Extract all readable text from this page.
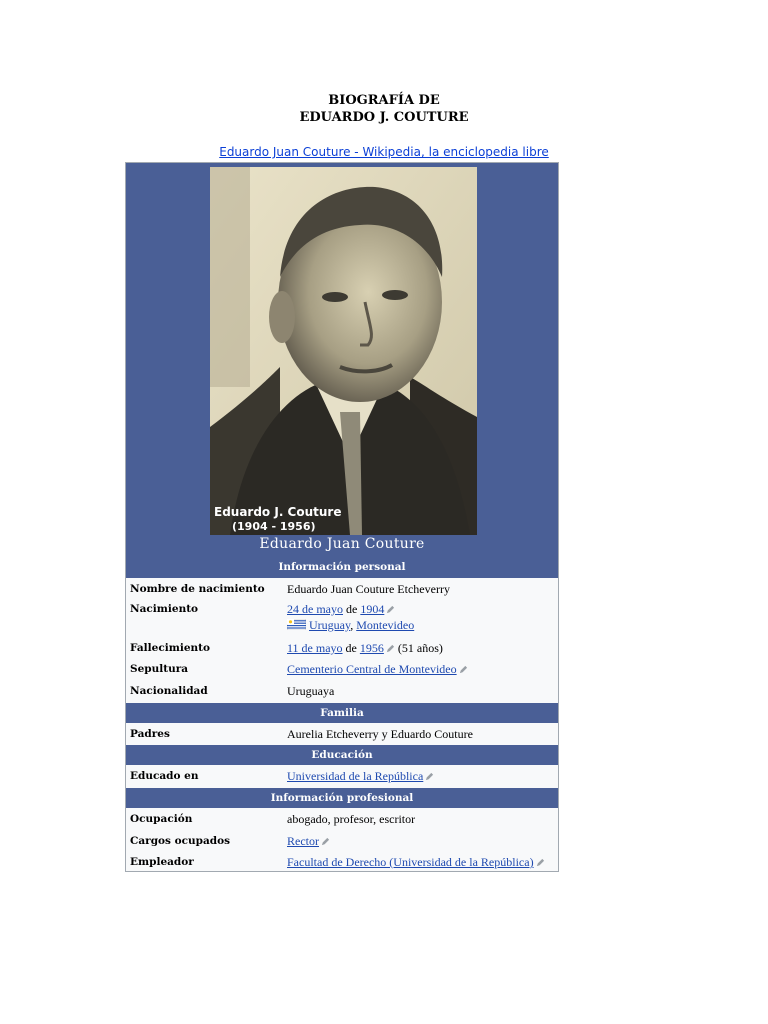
BIOGRAFÍA DE
EDUARDO J. COUTURE
Eduardo Juan Couture - Wikipedia, la enciclopedia libre
Eduardo J. Couture
(1904 - 1956)
Eduardo Juan Couture
Información personal
Nombre de nacimiento Eduardo Juan Couture Etcheverry
Nacimiento	24 de mayo de 1904
Uruguay, Montevideo
Fallecimiento	11 de mayo de 1956 (51 años)
Sepultura	Cementerio Central de Montevideo
Nacionalidad	Uruguaya
Familia
Padres	Aurelia Etcheverry y Eduardo Couture
Educación
Educado en	Universidad de la República
Información profesional
Ocupación	abogado, profesor, escritor
Cargos ocupados	Rector
Empleador	Facultad de Derecho (Universidad de la República)
